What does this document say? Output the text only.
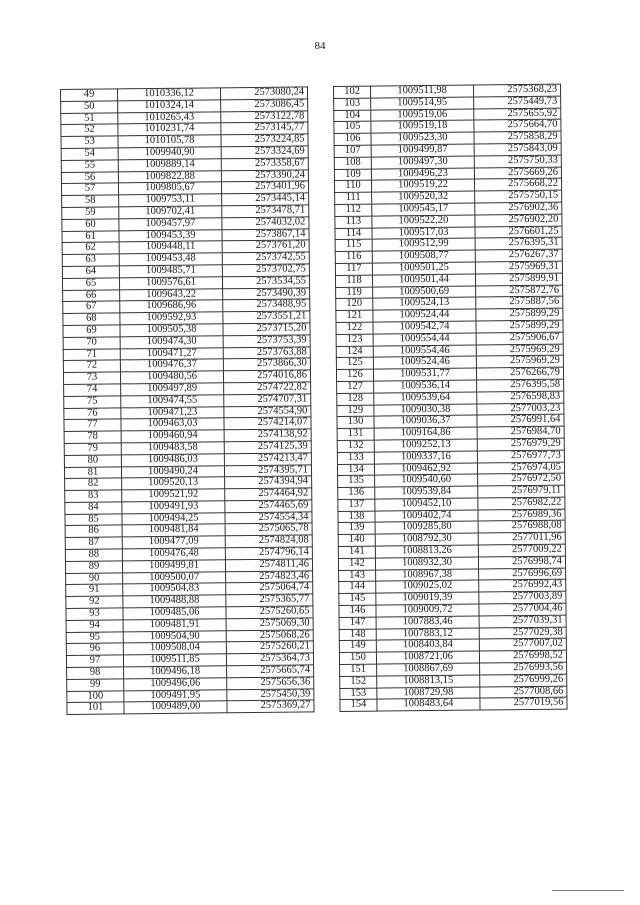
84
49	1010336,12	2573080,24
50	1010324,14	2573086,45
51	1010265,43	2573122,78
52	1010231,74	2573145,77
53	1010105,78	2573224,85
54	1009940,90	2573324,69
55	1009889,14	2573358,67
56	1009822,88	2573390,24
57	1009805,67	2573401,96
58	1009753,11	2573445,14
59	1009702,41	2573478,71
60	1009457,97	2574032,02
61	1009453,39	2573867,14
62	1009448,11	2573761,20
63	1009453,48	2573742,55
64	1009485,71	2573702,75
65	1009576,61	2573534,55
66	1009643,22	2573490,39
67	1009686,96	2573488,95
68	1009592,93	2573551,21
69	1009505,38	2573715,20
70	1009474,30	2573753,39
71	1009471,27	2573763,88
72	1009476,37	2573866,30
73	1009480,56	2574016,86
74	1009497,89	2574722,82
75	1009474,55	2574707,31
76	1009471,23	2574554,90
77	1009463,03	2574214,07
78	1009460,94	2574138,92
79	1009483,58	2574125,39
80	1009486,03	2574213,47
81	1009490,24	2574395,71
82	1009520,13	2574394,94
83	1009521,92	2574464,92
84	1009491,93	2574465,69
85	1009494,25	2574554,34
86	1009481,84	2575065,78
87	1009477,09	2574824,08
88	1009476,48	2574796,14
89	1009499,81	2574811,46
90	1009500,07	2574823,46
91	1009504,83	2575064,74
92	1009488,88	2575365,77
93	1009485,06	2575260,65
94	1009481,91	2575069,30
95	1009504,90	2575068,26
96	1009508,04	2575260,21
97	1009511,85	2575364,73
98	1009496,18	2575665,74
99	1009496,06	2575656,36
100	1009491,95	2575450,39
101	1009489,00	2575369,27
102	1009511,98	2575368,23
103	1009514,95	2575449,73
104	1009519,06	2575655,92
105	1009519,18	2575664,70
106	1009523,30	2575858,29
107	1009499,87	2575843,09
108	1009497,30	2575750,33
109	1009496,23	2575669,26
110	1009519,22	2575668,22
111	1009520,32	2575750,15
112	1009545,17	2576902,36
113	1009522,20	2576902,20
114	1009517,03	2576601,25
115	1009512,99	2576395,31
116	1009508,77	2576267,37
117	1009501,25	2575969,31
118	1009501,44	2575899,91
119	1009500,69	2575872,76
120	1009524,13	2575887,56
121	1009524,44	2575899,29
122	1009542,74	2575899,29
123	1009554,44	2575906,67
124	1009554,46	2575969,29
125	1009524,46	2575969,29
126	1009531,77	2576266,79
127	1009536,14	2576395,58
128	1009539,64	2576598,83
129	1009030,38	2577003,23
130	1009036,37	2576991,64
131	1009164,86	2576984,70
132	1009252,13	2576979,29
133	1009337,16	2576977,73
134	1009462,92	2576974,05
135	1009540,60	2576972,50
136	1009539,84	2576979,11
137	1009452,10	2576982,22
138	1009402,74	2576989,36
139	1009285,80	2576988,08
140	1008792,30	2577011,96
141	1008813,26	2577009,22
142	1008932,30	2576998,74
143	1008967,38	2576996,69
144	1009025,02	2576992,43
145	1009019,39	2577003,89
146	1009009,72	2577004,46
147	1007883,46	2577039,31
148	1007883,12	2577029,38
149	1008403,84	2577007,02
150	1008721,06	2576998,52
151	1008867,69	2576993,56
152	1008813,15	2576999,26
153	1008729,98	2577008,66
154	1008483,64	2577019,56
